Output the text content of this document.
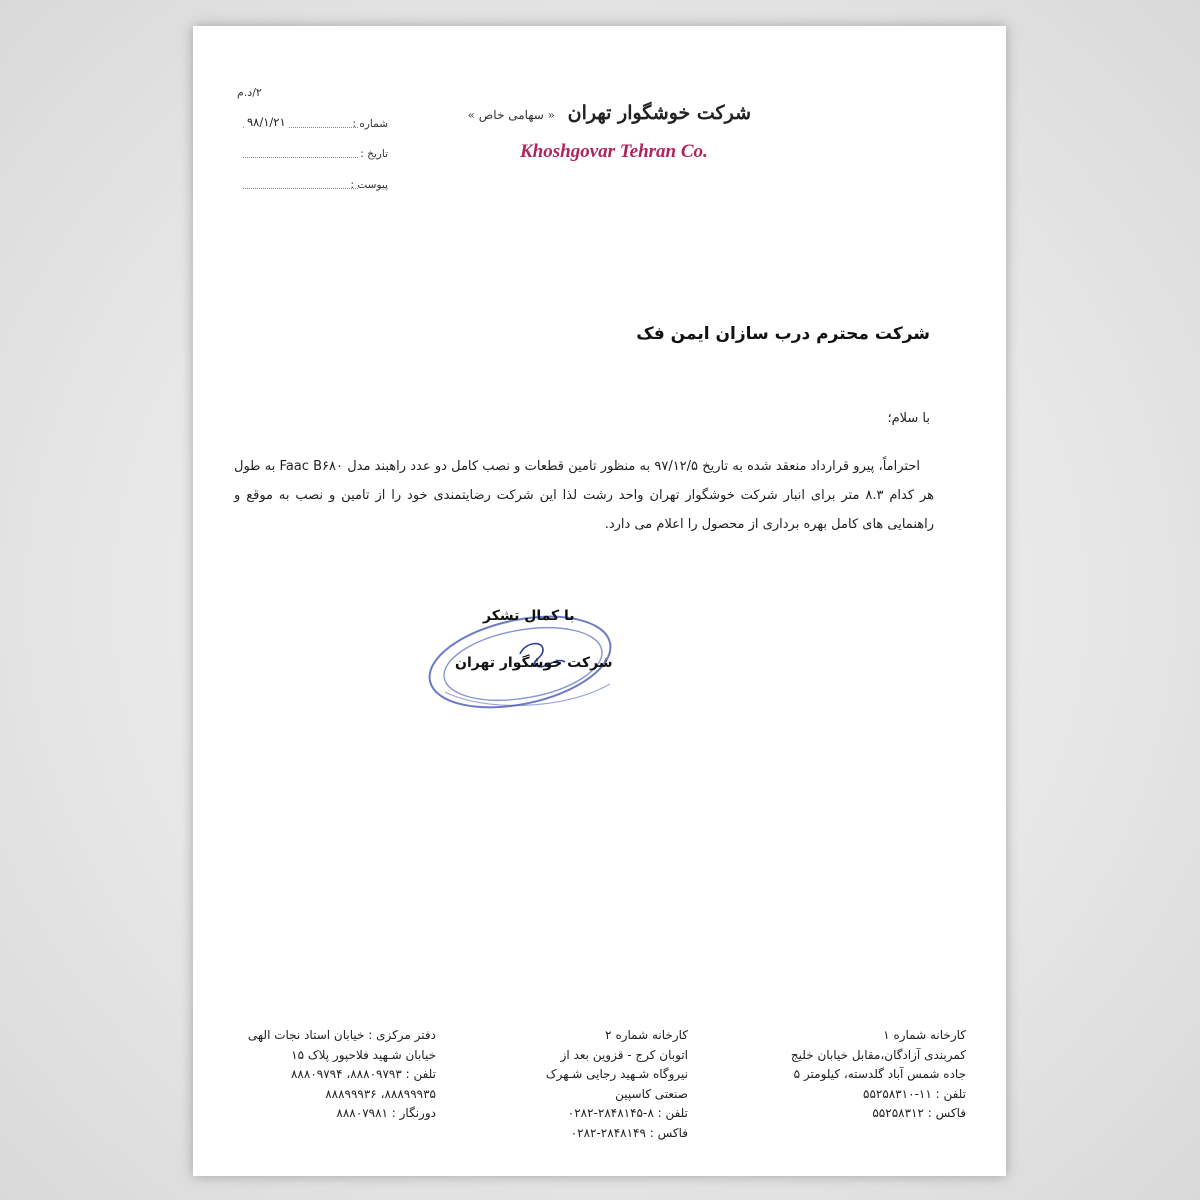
۲/د.م
شماره :
۹۸/۱/۲۱
تاریخ :
پیوست :
شرکت خوشگوار تهران « سهامی خاص »
Khoshgovar Tehran Co.
شرکت محترم درب سازان ایمن فک
با سلام؛
احتراماً، پیرو قرارداد منعقد شده به تاریخ ۹۷/۱۲/۵ به منظور تامین قطعات و نصب کامل دو عدد راهبند مدل Faac B۶۸۰ به طول هر کدام ۸.۳ متر برای انبار شرکت خوشگوار تهران واحد رشت لذا این شرکت رضایتمندی خود را از تامین و نصب به موقع و راهنمایی های کامل بهره برداری از محصول را اعلام می دارد.
با کمال تشکر
شرکت خوشگوار تهران
کارخانه شماره ۱
کمربندی آزادگان،مقابل خیابان خلیج
جاده شمس آباد گلدسته، کیلومتر ۵
تلفن : ۱۱-۵۵۲۵۸۳۱۰
فاکس : ۵۵۲۵۸۳۱۲
کارخانه شماره ۲
اتوبان کرج - قزوین بعد از
نیروگاه شـهید رجایی شـهرک
صنعتی کاسپین
تلفن : ۸-۲۸۴۸۱۴۵-۰۲۸۲
فاکس : ۲۸۴۸۱۴۹-۰۲۸۲
دفتر مرکزی : خیابان استاد نجات الهی
خیابان شـهید فلاحپور پلاک ۱۵
تلفن : ۸۸۸۰۹۷۹۳، ۸۸۸۰۹۷۹۴
۸۸۸۹۹۹۳۵، ۸۸۸۹۹۹۳۶
دورنگار : ۸۸۸۰۷۹۸۱
